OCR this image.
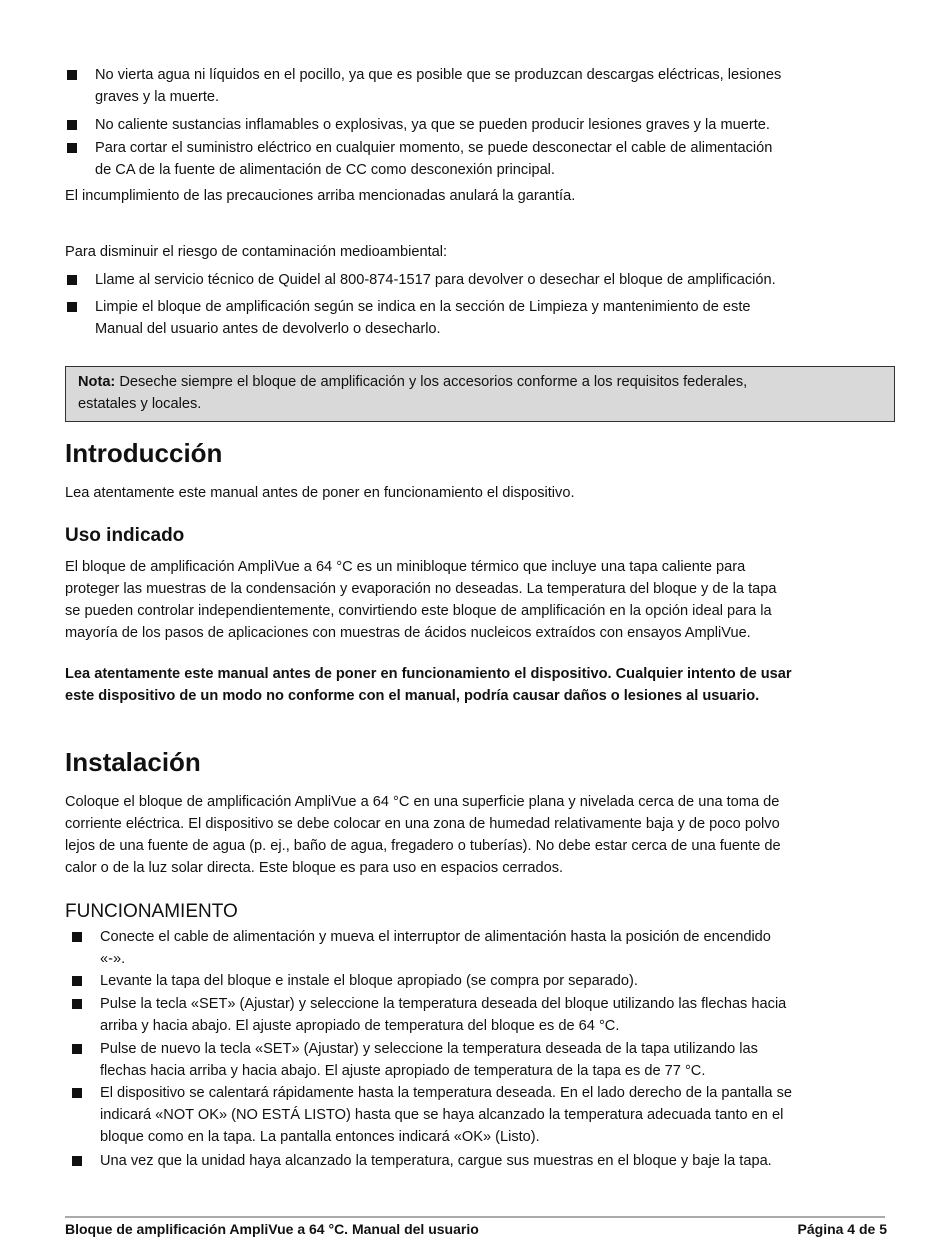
No vierta agua ni líquidos en el pocillo, ya que es posible que se produzcan descargas eléctricas, lesiones
graves y la muerte.
No caliente sustancias inflamables o explosivas, ya que se pueden producir lesiones graves y la muerte.
Para cortar el suministro eléctrico en cualquier momento, se puede desconectar el cable de alimentación
de CA de la fuente de alimentación de CC como desconexión principal.
El incumplimiento de las precauciones arriba mencionadas anulará la garantía.
Para disminuir el riesgo de contaminación medioambiental:
Llame al servicio técnico de Quidel al 800-874-1517 para devolver o desechar el bloque de amplificación.
Limpie el bloque de amplificación según se indica en la sección de Limpieza y mantenimiento de este
Manual del usuario antes de devolverlo o desecharlo.
Nota: Deseche siempre el bloque de amplificación y los accesorios conforme a los requisitos federales,
estatales y locales.
Introducción
Lea atentamente este manual antes de poner en funcionamiento el dispositivo.
Uso indicado
El bloque de amplificación AmpliVue a 64 °C es un minibloque térmico que incluye una tapa caliente para
proteger las muestras de la condensación y evaporación no deseadas. La temperatura del bloque y de la tapa
se pueden controlar independientemente, convirtiendo este bloque de amplificación en la opción ideal para la
mayoría de los pasos de aplicaciones con muestras de ácidos nucleicos extraídos con ensayos AmpliVue.
Lea atentamente este manual antes de poner en funcionamiento el dispositivo. Cualquier intento de usar
este dispositivo de un modo no conforme con el manual, podría causar daños o lesiones al usuario.
Instalación
Coloque el bloque de amplificación AmpliVue a 64 °C en una superficie plana y nivelada cerca de una toma de
corriente eléctrica. El dispositivo se debe colocar en una zona de humedad relativamente baja y de poco polvo
lejos de una fuente de agua (p. ej., baño de agua, fregadero o tuberías). No debe estar cerca de una fuente de
calor o de la luz solar directa. Este bloque es para uso en espacios cerrados.
FUNCIONAMIENTO
Conecte el cable de alimentación y mueva el interruptor de alimentación hasta la posición de encendido
«-».
Levante la tapa del bloque e instale el bloque apropiado (se compra por separado).
Pulse la tecla «SET» (Ajustar) y seleccione la temperatura deseada del bloque utilizando las flechas hacia
arriba y hacia abajo. El ajuste apropiado de temperatura del bloque es de 64 °C.
Pulse de nuevo la tecla «SET» (Ajustar) y seleccione la temperatura deseada de la tapa utilizando las
flechas hacia arriba y hacia abajo. El ajuste apropiado de temperatura de la tapa es de 77 °C.
El dispositivo se calentará rápidamente hasta la temperatura deseada. En el lado derecho de la pantalla se
indicará «NOT OK» (NO ESTÁ LISTO) hasta que se haya alcanzado la temperatura adecuada tanto en el
bloque como en la tapa. La pantalla entonces indicará «OK» (Listo).
Una vez que la unidad haya alcanzado la temperatura, cargue sus muestras en el bloque y baje la tapa.
Bloque de amplificación AmpliVue a 64 °C. Manual del usuario	Página 4 de 5
